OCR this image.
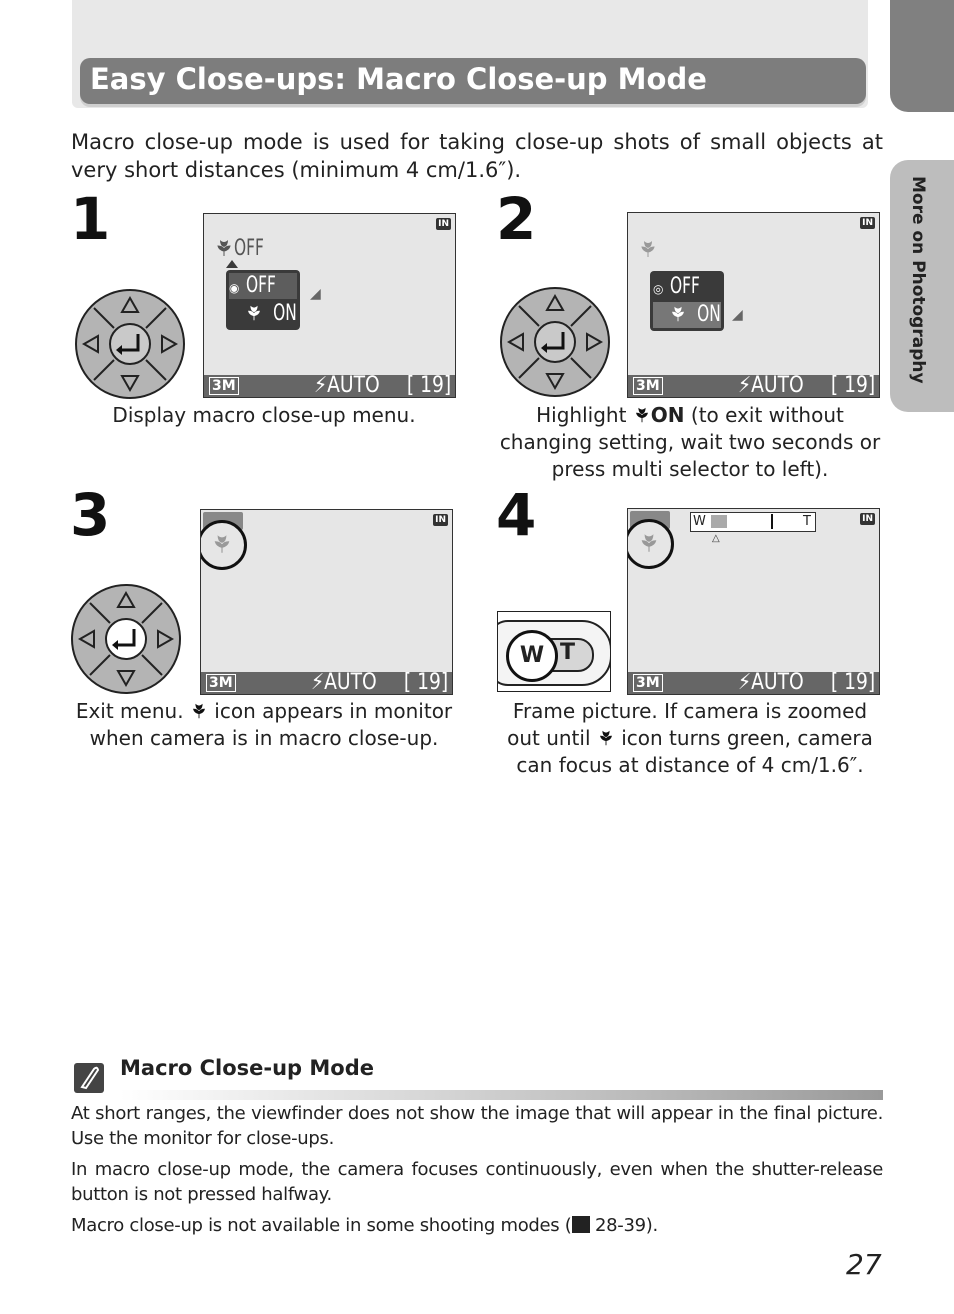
Easy Close-ups: Macro Close-up Mode
More on Photography
Macro close-up mode is used for taking close-up shots of small objects at very short distances (minimum 4 cm/1.6″).
1	IN
OFF
◉ OFF
ON
◢
3M	⚡AUTO [ 19]
Display macro close-up menu.
2	IN
◎ OFF
ON ◢
3M	⚡AUTO [ 19]
Highlight ON (to exit without changing setting, wait two seconds or press multi selector to left).
3	IN
3M	⚡AUTO [ 19]
Exit menu.  icon appears in monitor when camera is in macro close-up.
4
W T
IN
W	T
△
3M	⚡AUTO [ 19]
Frame picture. If camera is zoomed out until  icon turns green, camera can focus at distance of 4 cm/1.6″.
Macro Close-up Mode
At short ranges, the viewfinder does not show the image that will appear in the final picture. Use the monitor for close-ups.
In macro close-up mode, the camera focuses continuously, even when the shutter-release button is not pressed halfway.
Macro close-up is not available in some shooting modes ( 28-39).
27
